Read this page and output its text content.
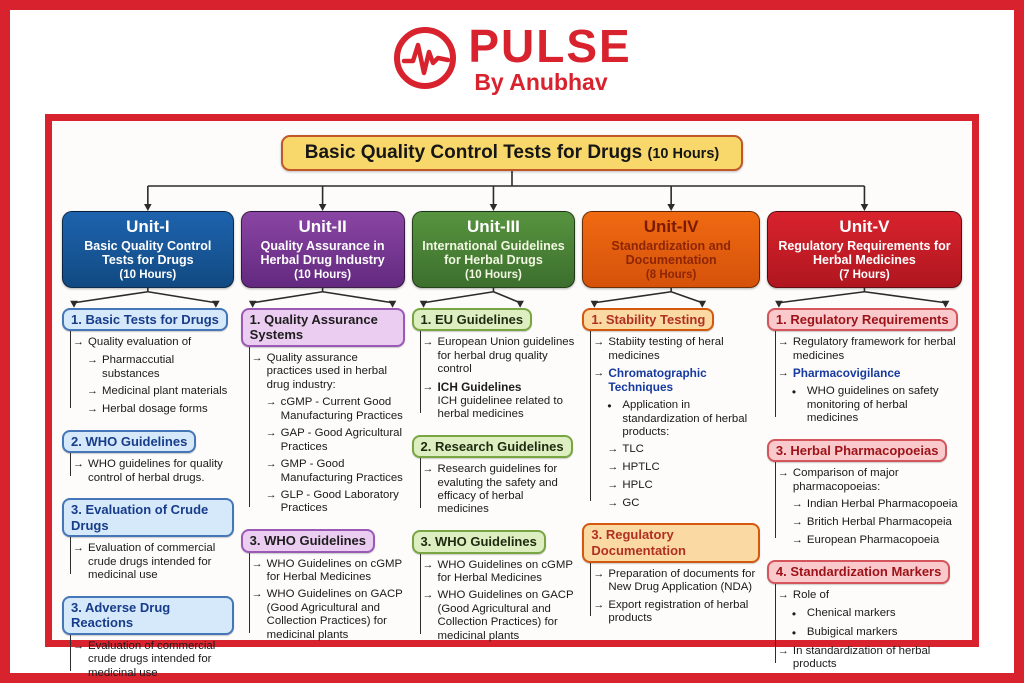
PULSE
By Anubhav
Basic Quality Control Tests for Drugs (10 Hours)
Unit-I
Basic Quality Control Tests for Drugs
(10 Hours)
1. Basic Tests for Drugs
→ Quality evaluation of
→ Pharmaccutial substances
→ Medicinal plant materials
→ Herbal dosage forms
2. WHO Guidelines
→ WHO guidelines for quality control of herbal drugs.
3. Evaluation of Crude Drugs
→ Evaluation of commercial crude drugs intended for medicinal use
3. Adverse Drug Reactions
→ Evaluation of commercial crude drugs intended for medicinal use
Unit-II
Quality Assurance in Herbal Drug Industry
(10 Hours)
1. Quality Assurance Systems
→ Quality assurance practices used in herbal drug industry:
→ cGMP - Current Good Manufacturing Practices
→ GAP - Good Agricultural Practices
→ GMP - Good Manufacturing Practices
→ GLP - Good Laboratory Practices
3. WHO Guidelines
→ WHO Guidelines on cGMP for Herbal Medicines
→ WHO Guidelines on GACP (Good Agricultural and Collection Practices) for medicinal plants
Unit-III
International Guidelines for Herbal Drugs
(10 Hours)
1. EU Guidelines
→ European Union guidelines for herbal drug quality control
→ ICH Guidelines
ICH guidelinee related to herbal medicines
2. Research Guidelines
→ Research guidelines for evaluting the safety and efficacy of herbal medicines
3. WHO Guidelines
→ WHO Guidelines on cGMP for Herbal Medicines
→ WHO Guidelines on GACP (Good Agricultural and Collection Practices) for medicinal plants
Unit-IV
Standardization and Documentation
(8 Hours)
1. Stability Testing
→ Stabiity testing of heral medicines
→ Chromatographic Techniques
• Application in standardization of herbal products:
→ TLC
→ HPTLC
→ HPLC
→ GC
3. Regulatory Documentation
→ Preparation of documents for New Drug Application (NDA)
→ Export registration of herbal products
Unit-V
Regulatory Requirements for Herbal Medicines
(7 Hours)
1. Regulatory Requirements
→ Regulatory framework for herbal medicines
→ Pharmacovigilance
• WHO guidelines on safety monitoring of herbal medicines
3. Herbal Pharmacopoeias
→ Comparison of major pharmacopoeias:
→ Indian Herbal Pharmacopoeia
→ Britich Herbal Pharmacopeia
→ European Pharmacopoeia
4. Standardization Markers
→ Role of
• Chenical markers
• Bubigical markers
→ In standardization of herbal products
